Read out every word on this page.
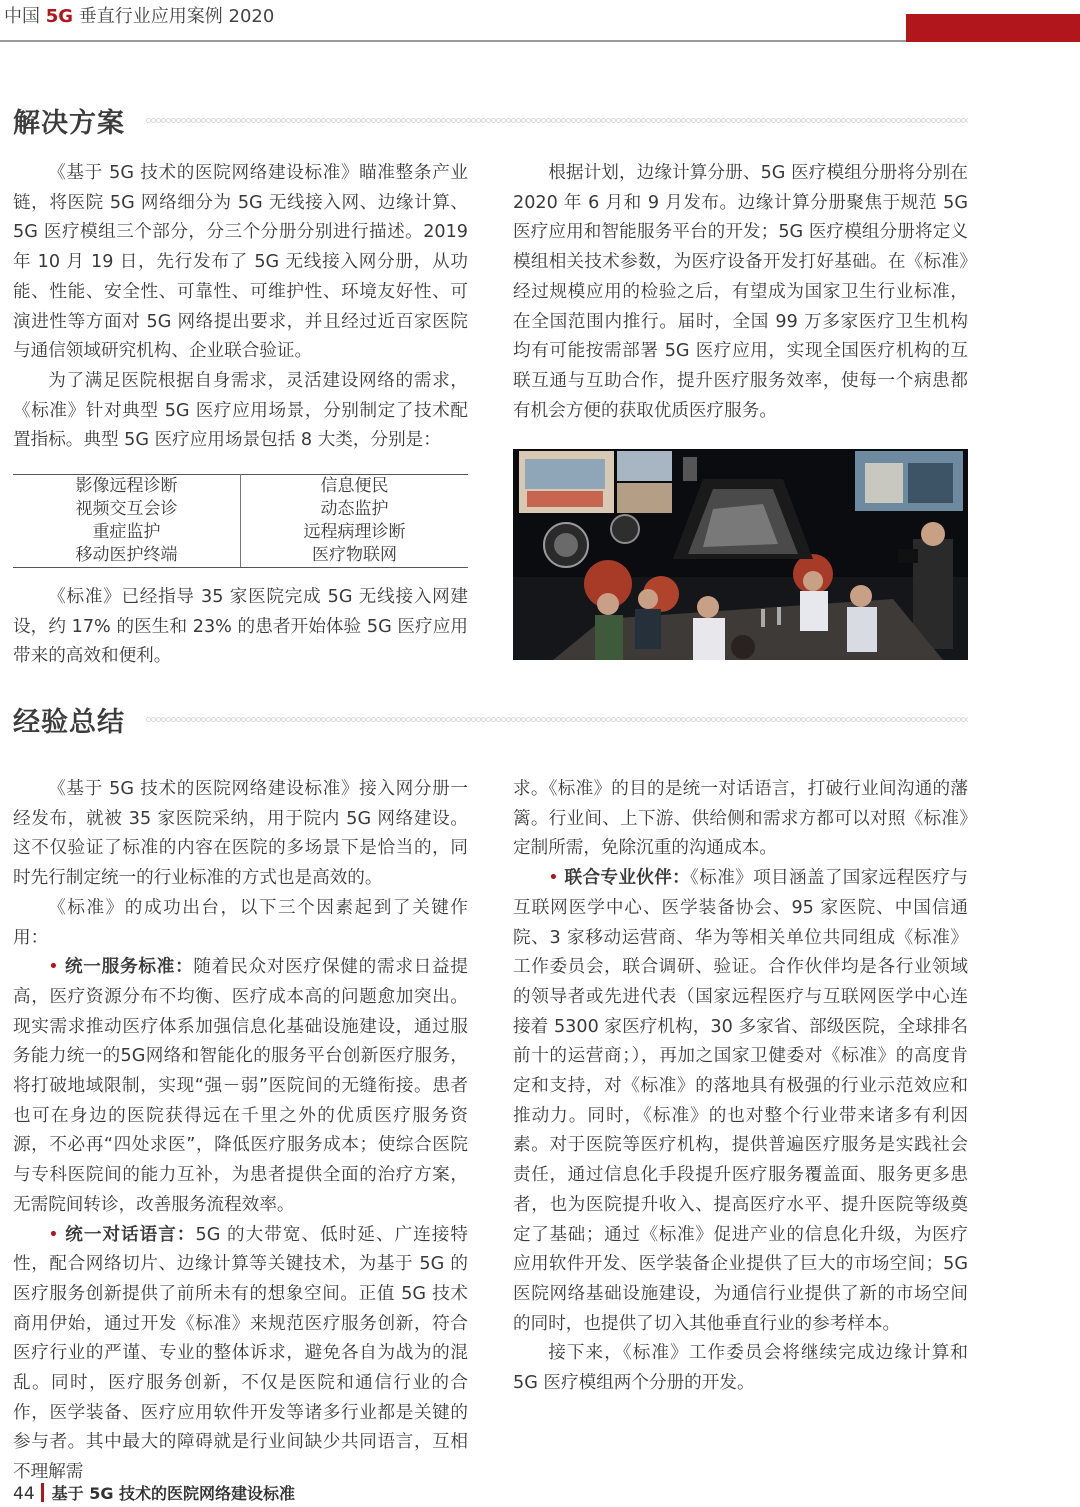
中国 5G 垂直行业应用案例 2020
解决方案

《基于 5G 技术的医院网络建设标准》瞄准整条产业链，将医院 5G 网络细分为 5G 无线接入网、边缘计算、5G 医疗模组三个部分，分三个分册分别进行描述。2019 年 10 月 19 日，先行发布了 5G 无线接入网分册，从功能、性能、安全性、可靠性、可维护性、环境友好性、可演进性等方面对 5G 网络提出要求，并且经过近百家医院与通信领域研究机构、企业联合验证。

为了满足医院根据自身需求，灵活建设网络的需求，《标准》针对典型 5G 医疗应用场景，分别制定了技术配置指标。典型 5G 医疗应用场景包括 8 大类，分别是：

影像远程诊断	信息便民
视频交互会诊	动态监护
重症监护	远程病理诊断
移动医护终端	医疗物联网

《标准》已经指导 35 家医院完成 5G 无线接入网建设，约 17% 的医生和 23% 的患者开始体验 5G 医疗应用带来的高效和便利。

根据计划，边缘计算分册、5G 医疗模组分册将分别在 2020 年 6 月和 9 月发布。边缘计算分册聚焦于规范 5G 医疗应用和智能服务平台的开发；5G 医疗模组分册将定义模组相关技术参数，为医疗设备开发打好基础。在《标准》经过规模应用的检验之后，有望成为国家卫生行业标准，在全国范围内推行。届时，全国 99 万多家医疗卫生机构均有可能按需部署 5G 医疗应用，实现全国医疗机构的互联互通与互助合作，提升医疗服务效率，使每一个病患都有机会方便的获取优质医疗服务。

经验总结

《基于 5G 技术的医院网络建设标准》接入网分册一经发布，就被 35 家医院采纳，用于院内 5G 网络建设。这不仅验证了标准的内容在医院的多场景下是恰当的，同时先行制定统一的行业标准的方式也是高效的。

《标准》的成功出台，以下三个因素起到了关键作用：

• 统一服务标准：随着民众对医疗保健的需求日益提高，医疗资源分布不均衡、医疗成本高的问题愈加突出。现实需求推动医疗体系加强信息化基础设施建设，通过服务能力统一的5G网络和智能化的服务平台创新医疗服务，将打破地域限制，实现“强－弱”医院间的无缝衔接。患者也可在身边的医院获得远在千里之外的优质医疗服务资源，不必再“四处求医”，降低医疗服务成本；使综合医院与专科医院间的能力互补，为患者提供全面的治疗方案，无需院间转诊，改善服务流程效率。

• 统一对话语言：5G 的大带宽、低时延、广连接特性，配合网络切片、边缘计算等关键技术，为基于 5G 的医疗服务创新提供了前所未有的想象空间。正值 5G 技术商用伊始，通过开发《标准》来规范医疗服务创新，符合医疗行业的严谨、专业的整体诉求，避免各自为战为的混乱。同时，医疗服务创新，不仅是医院和通信行业的合作，医学装备、医疗应用软件开发等诸多行业都是关键的参与者。其中最大的障碍就是行业间缺少共同语言，互相不理解需

求。《标准》的目的是统一对话语言，打破行业间沟通的藩篱。行业间、上下游、供给侧和需求方都可以对照《标准》定制所需，免除沉重的沟通成本。

• 联合专业伙伴：《标准》项目涵盖了国家远程医疗与互联网医学中心、医学装备协会、95 家医院、中国信通院、3 家移动运营商、华为等相关单位共同组成《标准》工作委员会，联合调研、验证。合作伙伴均是各行业领域的领导者或先进代表（国家远程医疗与互联网医学中心连接着 5300 家医疗机构，30 多家省、部级医院，全球排名前十的运营商；），再加之国家卫健委对《标准》的高度肯定和支持，对《标准》的落地具有极强的行业示范效应和推动力。同时，《标准》的也对整个行业带来诸多有利因素。对于医院等医疗机构，提供普遍医疗服务是实践社会责任，通过信息化手段提升医疗服务覆盖面、服务更多患者，也为医院提升收入、提高医疗水平、提升医院等级奠定了基础；通过《标准》促进产业的信息化升级，为医疗应用软件开发、医学装备企业提供了巨大的市场空间；5G 医院网络基础设施建设，为通信行业提供了新的市场空间的同时，也提供了切入其他垂直行业的参考样本。

接下来，《标准》工作委员会将继续完成边缘计算和 5G 医疗模组两个分册的开发。

44 基于 5G 技术的医院网络建设标准
